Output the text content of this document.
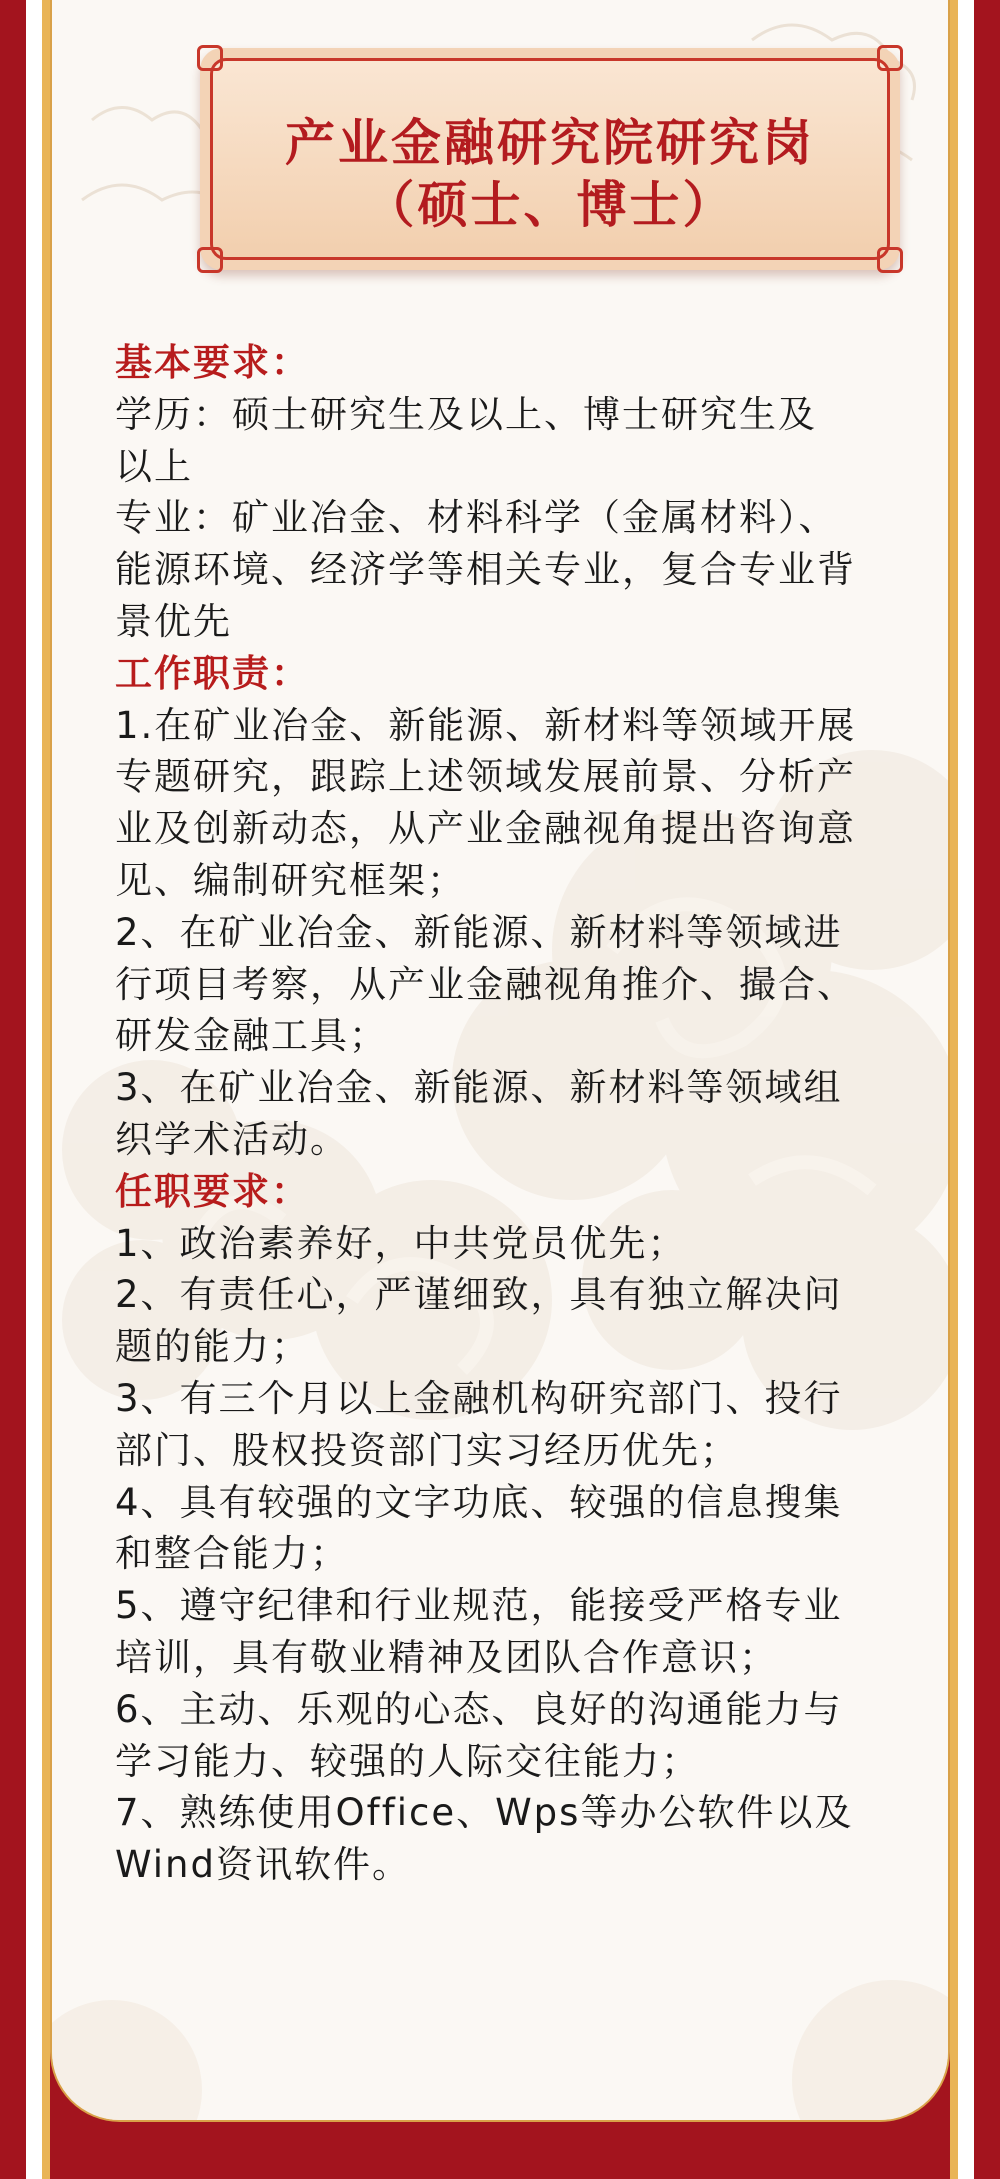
产业金融研究院研究岗
（硕士、博士）
基本要求：
学历：硕士研究生及以上、博士研究生及
以上
专业：矿业冶金、材料科学（金属材料）、
能源环境、经济学等相关专业，复合专业背
景优先
工作职责：
1.在矿业冶金、新能源、新材料等领域开展
专题研究，跟踪上述领域发展前景、分析产
业及创新动态，从产业金融视角提出咨询意
见、编制研究框架；
2、在矿业冶金、新能源、新材料等领域进
行项目考察，从产业金融视角推介、撮合、
研发金融工具；
3、在矿业冶金、新能源、新材料等领域组
织学术活动。
任职要求：
1、政治素养好，中共党员优先；
2、有责任心，严谨细致，具有独立解决问
题的能力；
3、有三个月以上金融机构研究部门、投行
部门、股权投资部门实习经历优先；
4、具有较强的文字功底、较强的信息搜集
和整合能力；
5、遵守纪律和行业规范，能接受严格专业
培训，具有敬业精神及团队合作意识；
6、主动、乐观的心态、良好的沟通能力与
学习能力、较强的人际交往能力；
7、熟练使用Office、Wps等办公软件以及
Wind资讯软件。
